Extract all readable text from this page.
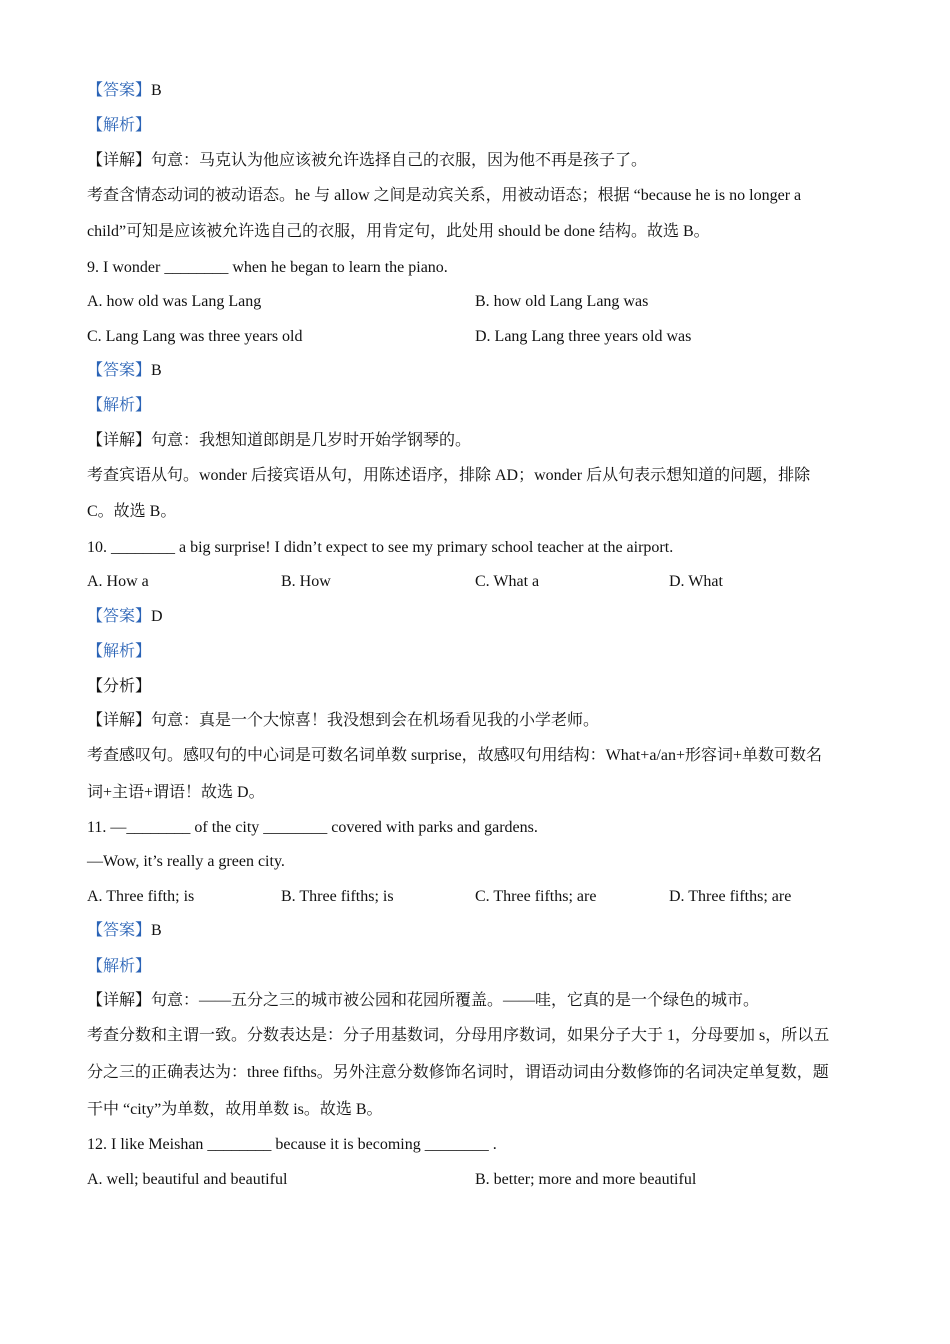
【答案】B
【解析】
【详解】句意：马克认为他应该被允许选择自己的衣服，因为他不再是孩子了。
考查含情态动词的被动语态。he 与 allow 之间是动宾关系，用被动语态；根据 “because he is no longer a
child”可知是应该被允许选自己的衣服，用肯定句，此处用 should be done 结构。故选 B。
9. I wonder ________ when he began to learn the piano.
A. how old was Lang Lang	B. how old Lang Lang was
C. Lang Lang was three years old	D. Lang Lang three years old was
【答案】B
【解析】
【详解】句意：我想知道郎朗是几岁时开始学钢琴的。
考查宾语从句。wonder 后接宾语从句，用陈述语序，排除 AD；wonder 后从句表示想知道的问题，排除
C。故选 B。
10. ________ a big surprise! I didn’t expect to see my primary school teacher at the airport.
A. How a	B. How	C. What a	D. What
【答案】D
【解析】
【分析】
【详解】句意：真是一个大惊喜！我没想到会在机场看见我的小学老师。
考查感叹句。感叹句的中心词是可数名词单数 surprise，故感叹句用结构：What+a/an+形容词+单数可数名
词+主语+谓语！故选 D。
11. —________ of the city ________ covered with parks and gardens.
—Wow, it’s really a green city.
A. Three fifth; is	B. Three fifths; is	C. Three fifths; are	D. Three fifths; are
【答案】B
【解析】
【详解】句意：——五分之三的城市被公园和花园所覆盖。——哇，它真的是一个绿色的城市。
考查分数和主谓一致。分数表达是：分子用基数词，分母用序数词，如果分子大于 1，分母要加 s，所以五
分之三的正确表达为：three fifths。另外注意分数修饰名词时，谓语动词由分数修饰的名词决定单复数，题
干中 “city”为单数，故用单数 is。故选 B。
12. I like Meishan ________ because it is becoming ________ .
A. well; beautiful and beautiful	B. better; more and more beautiful
